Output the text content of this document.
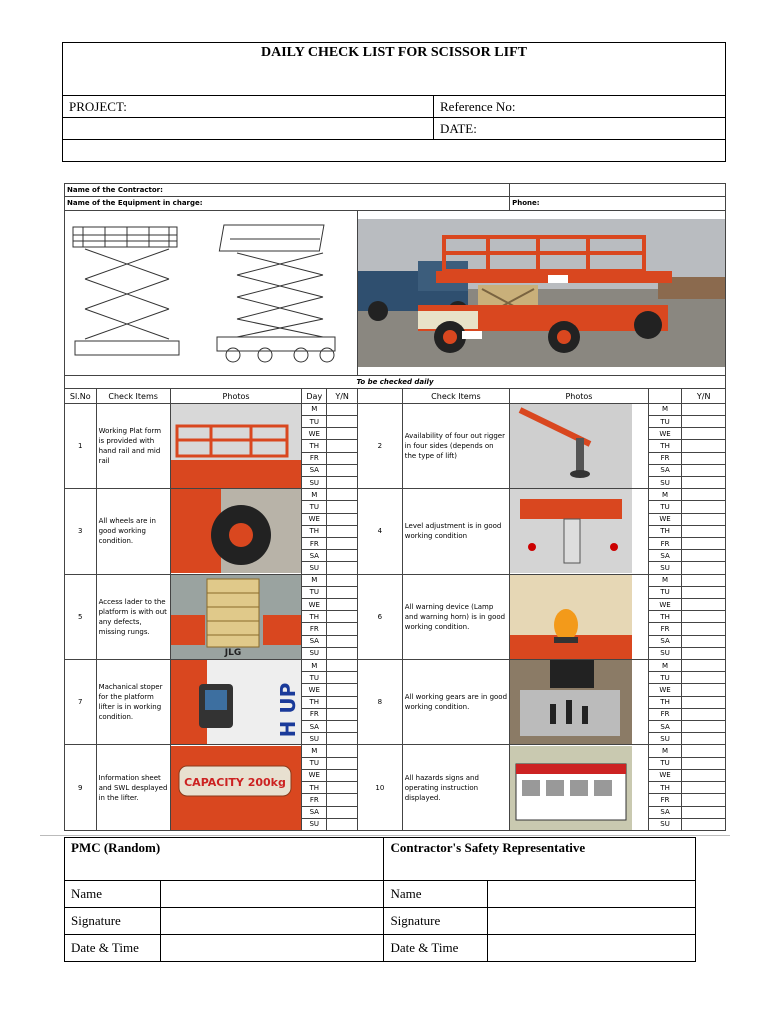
DAILY CHECK LIST FOR SCISSOR LIFT	
PROJECT:	Reference No:
	DATE:

Name of the Contractor:									
Name of the Equipment in charge:							Phone:		

To be checked daily									
Sl.No	Check Items	Photos	Day	Y/N		Check Items	Photos		Y/N
1	Working Plat form is provided with hand rail and mid rail		M		2	Availability of four out rigger in four sides (depends on the type of lift)		M	
			TU					TU	
			WE					WE	
			TH					TH	
			FR					FR	
			SA					SA	
			SU					SU	
3	All wheels are in good working condition.		M		4	Level adjustment is in good working condition		M	
			TU					TU	
			WE					WE	
			TH					TH	
			FR					FR	
			SA					SA	
			SU					SU	
5	Access lader to the platform is with out any defects, missing rungs.	JLG	M		6	All warning device (Lamp and warning horn) is in good working condition.		M	
			TU					TU	
			WE					WE	
			TH					TH	
			FR					FR	
			SA					SA	
			SU					SU	
7	Machanical stoper for the platform lifter is in working condition.	H UP	M		8	All working gears are in good working condition.		M	
			TU					TU	
			WE					WE	
			TH					TH	
			FR					FR	
			SA					SA	
			SU					SU	
9	Information sheet and SWL desplayed in the lifter.	CAPACITY 200kg	M		10	All hazards signs and operating instruction displayed.		M	
			TU					TU	
			WE					WE	
			TH					TH	
			FR					FR	
			SA					SA	
			SU					SU	
PMC (Random)		Contractor's Safety Representative	
Name		Name	
Signature		Signature	
Date & Time		Date & Time	
